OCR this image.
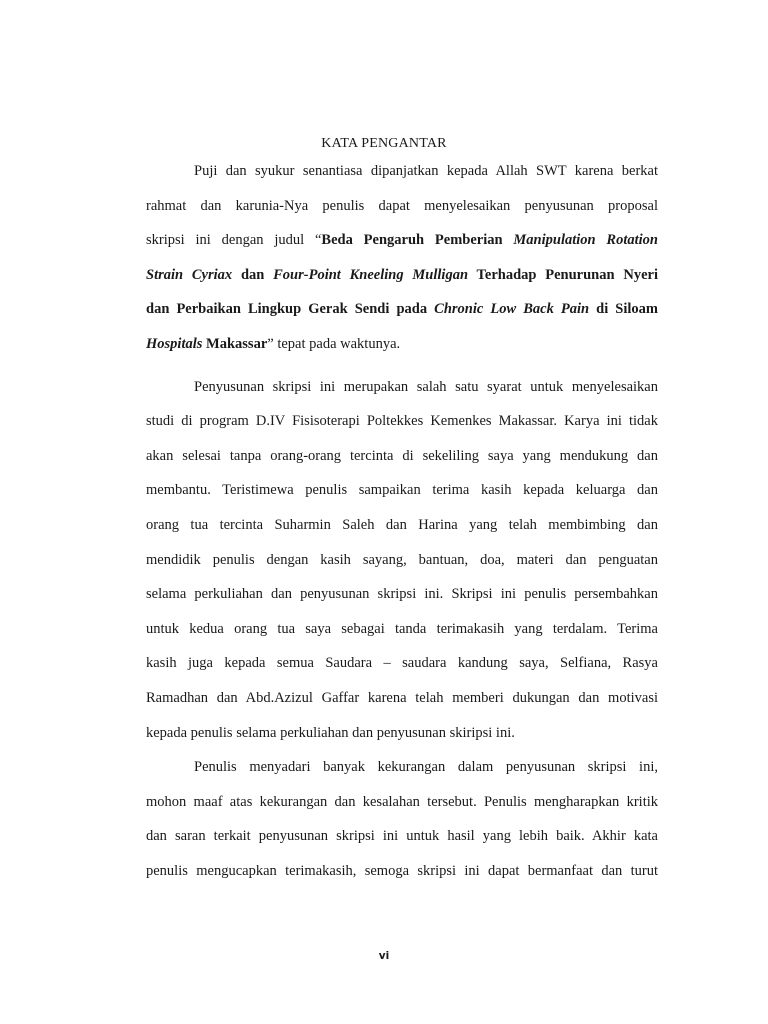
KATA PENGANTAR
Puji dan syukur senantiasa dipanjatkan kepada Allah SWT karena berkat
rahmat dan karunia-Nya penulis dapat menyelesaikan penyusunan proposal
skripsi ini dengan judul “Beda Pengaruh Pemberian Manipulation Rotation
Strain Cyriax dan Four-Point Kneeling Mulligan Terhadap Penurunan Nyeri
dan Perbaikan Lingkup Gerak Sendi pada Chronic Low Back Pain di Siloam
Hospitals Makassar” tepat pada waktunya.
Penyusunan skripsi ini merupakan salah satu syarat untuk menyelesaikan
studi di program D.IV Fisisoterapi Poltekkes Kemenkes Makassar. Karya ini tidak
akan selesai tanpa orang-orang tercinta di sekeliling saya yang mendukung dan
membantu. Teristimewa penulis sampaikan terima kasih kepada keluarga dan
orang tua tercinta Suharmin Saleh dan Harina yang telah membimbing dan
mendidik penulis dengan kasih sayang, bantuan, doa, materi dan penguatan
selama perkuliahan dan penyusunan skripsi ini. Skripsi ini penulis persembahkan
untuk kedua orang tua saya sebagai tanda terimakasih yang terdalam. Terima
kasih juga kepada semua Saudara – saudara kandung saya, Selfiana, Rasya
Ramadhan dan Abd.Azizul Gaffar karena telah memberi dukungan dan motivasi
kepada penulis selama perkuliahan dan penyusunan skiripsi ini.
Penulis menyadari banyak kekurangan dalam penyusunan skripsi ini,
mohon maaf atas kekurangan dan kesalahan tersebut. Penulis mengharapkan kritik
dan saran terkait penyusunan skripsi ini untuk hasil yang lebih baik. Akhir kata
penulis mengucapkan terimakasih, semoga skripsi ini dapat bermanfaat dan turut
vi
